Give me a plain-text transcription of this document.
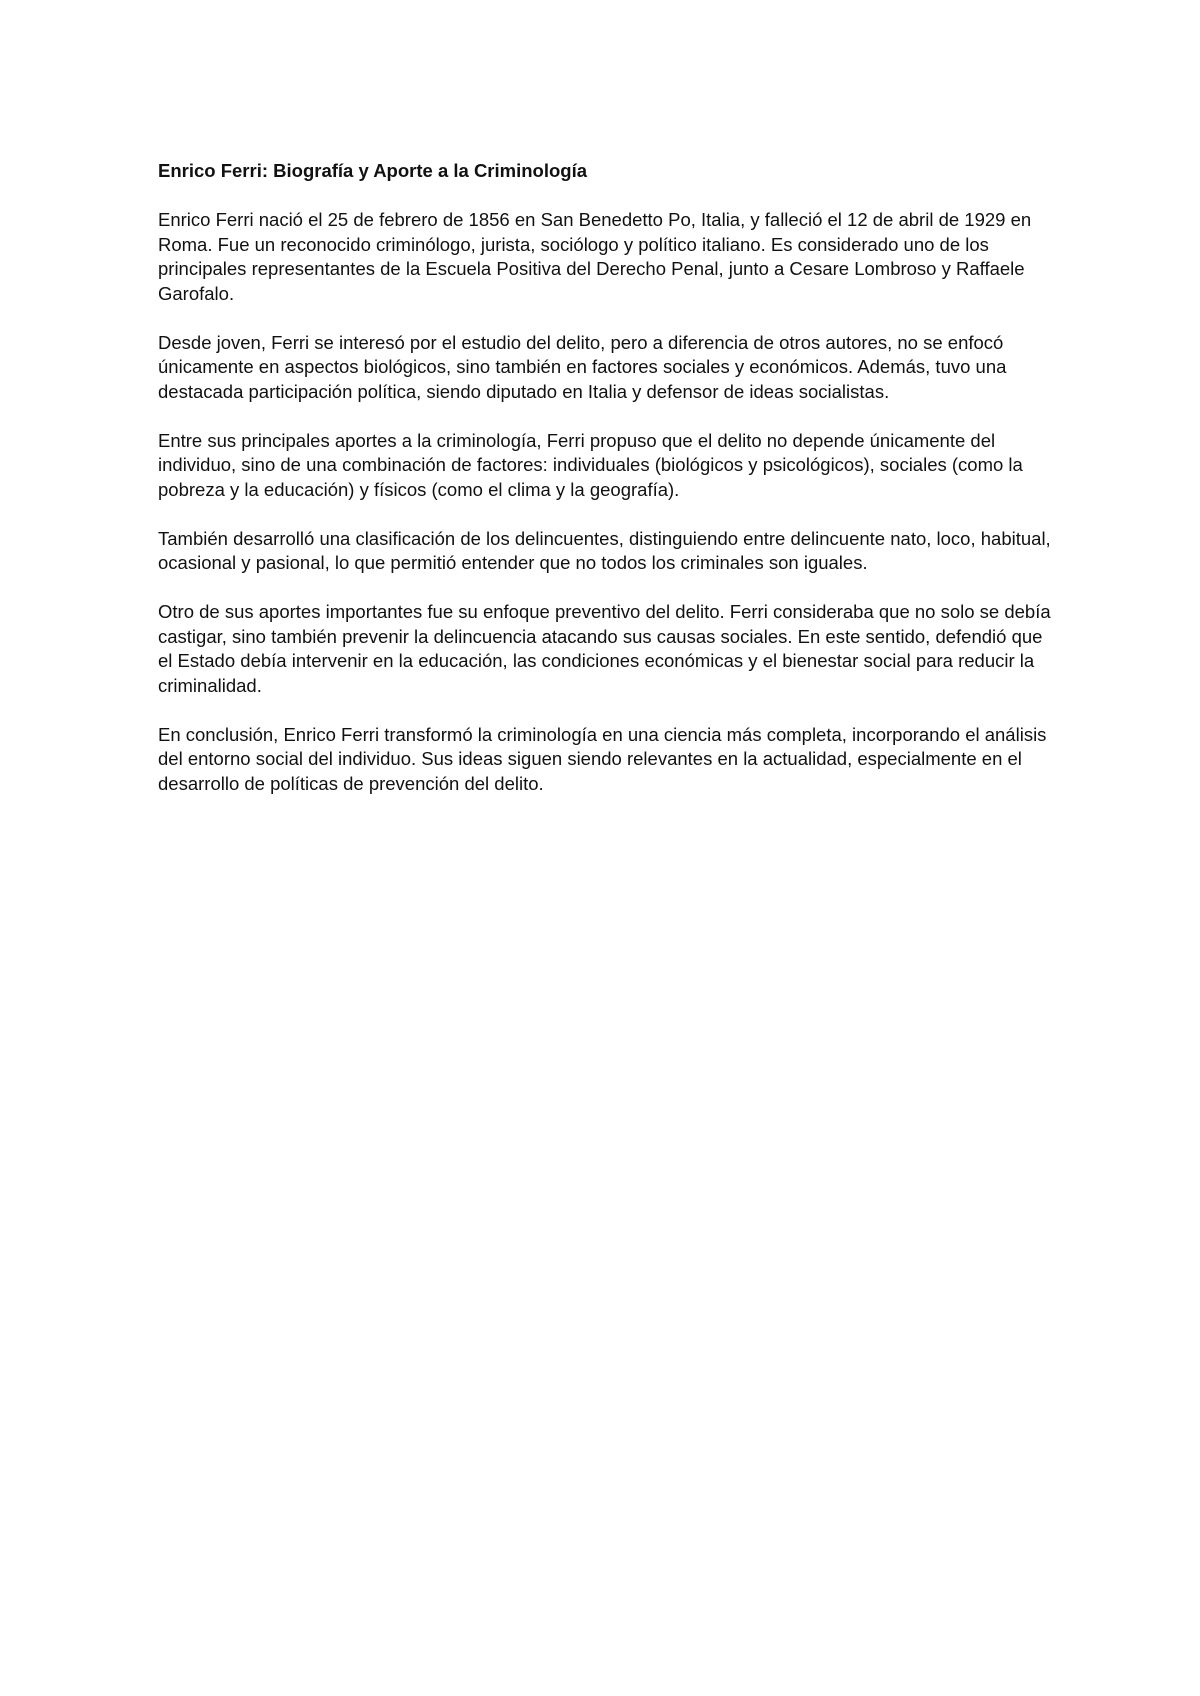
Enrico Ferri: Biografía y Aporte a la Criminología

Enrico Ferri nació el 25 de febrero de 1856 en San Benedetto Po, Italia, y falleció el 12 de abril de 1929 en Roma. Fue un reconocido criminólogo, jurista, sociólogo y político italiano. Es considerado uno de los principales representantes de la Escuela Positiva del Derecho Penal, junto a Cesare Lombroso y Raffaele Garofalo.

Desde joven, Ferri se interesó por el estudio del delito, pero a diferencia de otros autores, no se enfocó únicamente en aspectos biológicos, sino también en factores sociales y económicos. Además, tuvo una destacada participación política, siendo diputado en Italia y defensor de ideas socialistas.

Entre sus principales aportes a la criminología, Ferri propuso que el delito no depende únicamente del individuo, sino de una combinación de factores: individuales (biológicos y psicológicos), sociales (como la pobreza y la educación) y físicos (como el clima y la geografía).

También desarrolló una clasificación de los delincuentes, distinguiendo entre delincuente nato, loco, habitual, ocasional y pasional, lo que permitió entender que no todos los criminales son iguales.

Otro de sus aportes importantes fue su enfoque preventivo del delito. Ferri consideraba que no solo se debía castigar, sino también prevenir la delincuencia atacando sus causas sociales. En este sentido, defendió que el Estado debía intervenir en la educación, las condiciones económicas y el bienestar social para reducir la criminalidad.

En conclusión, Enrico Ferri transformó la criminología en una ciencia más completa, incorporando el análisis del entorno social del individuo. Sus ideas siguen siendo relevantes en la actualidad, especialmente en el desarrollo de políticas de prevención del delito.
